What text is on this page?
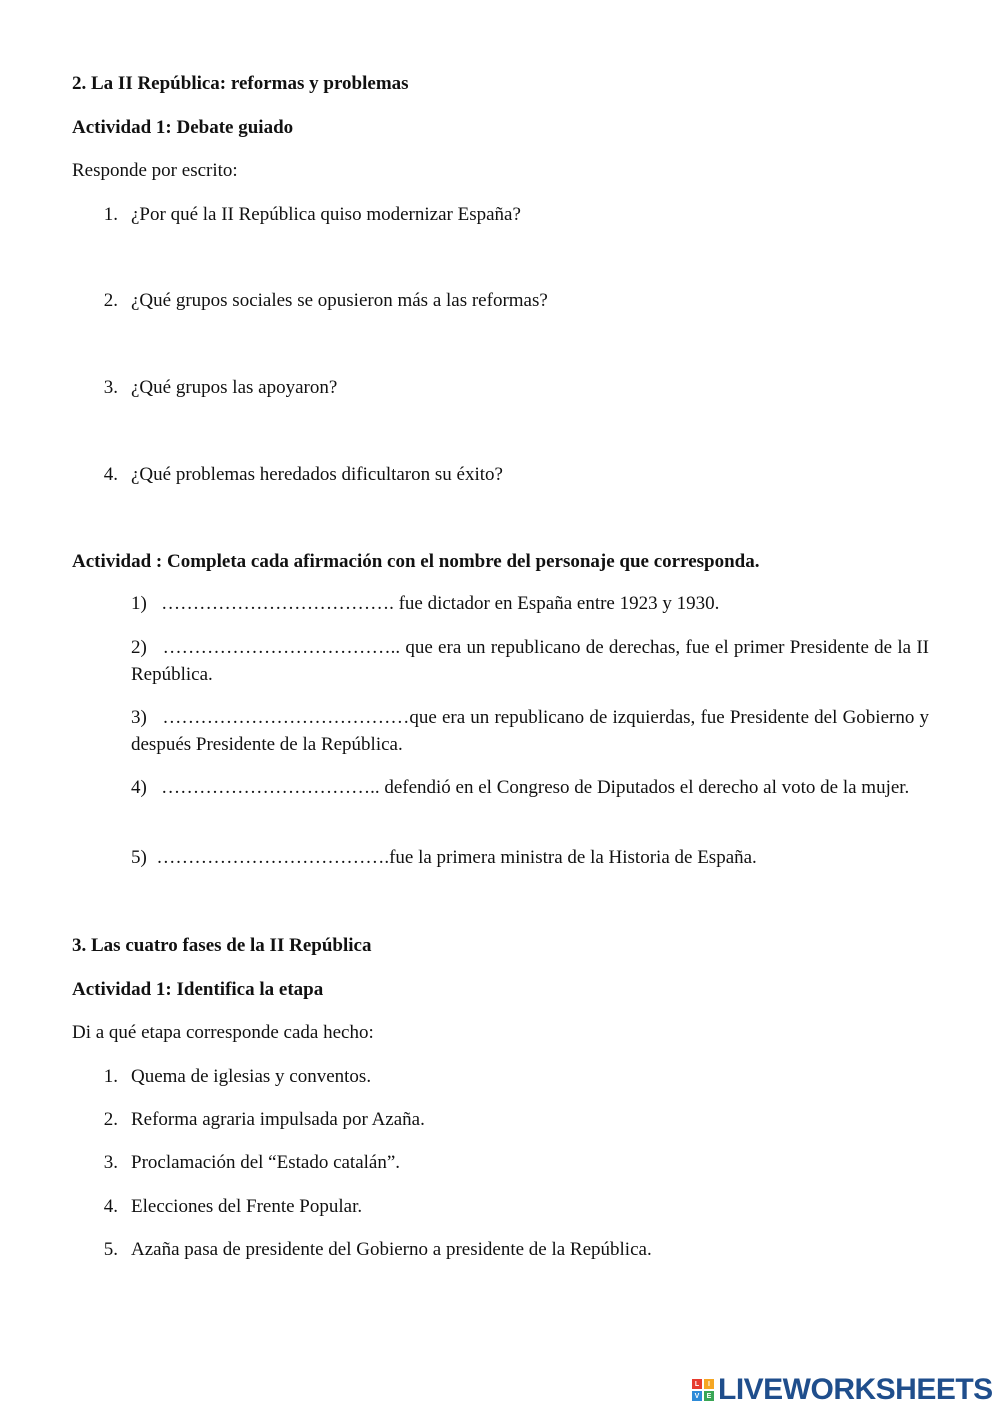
2. La II República: reformas y problemas
Actividad 1: Debate guiado
Responde por escrito:
1. ¿Por qué la II República quiso modernizar España?
2. ¿Qué grupos sociales se opusieron más a las reformas?
3. ¿Qué grupos las apoyaron?
4. ¿Qué problemas heredados dificultaron su éxito?
Actividad : Completa cada afirmación con el nombre del personaje que corresponda.
1) ………………………………. fue dictador en España entre 1923 y 1930.
2) ……………………………….. que era un republicano de derechas, fue el primer Presidente de la II República.
3) …………………………………que era un republicano de izquierdas, fue Presidente del Gobierno y después Presidente de la República.
4) …………………………….. defendió en el Congreso de Diputados el derecho al voto de la mujer.
5) ……………………………….fue la primera ministra de la Historia de España.
3. Las cuatro fases de la II República
Actividad 1: Identifica la etapa
Di a qué etapa corresponde cada hecho:
1. Quema de iglesias y conventos.
2. Reforma agraria impulsada por Azaña.
3. Proclamación del “Estado catalán”.
4. Elecciones del Frente Popular.
5. Azaña pasa de presidente del Gobierno a presidente de la República.
L	I
V	E LIVEWORKSHEETS
